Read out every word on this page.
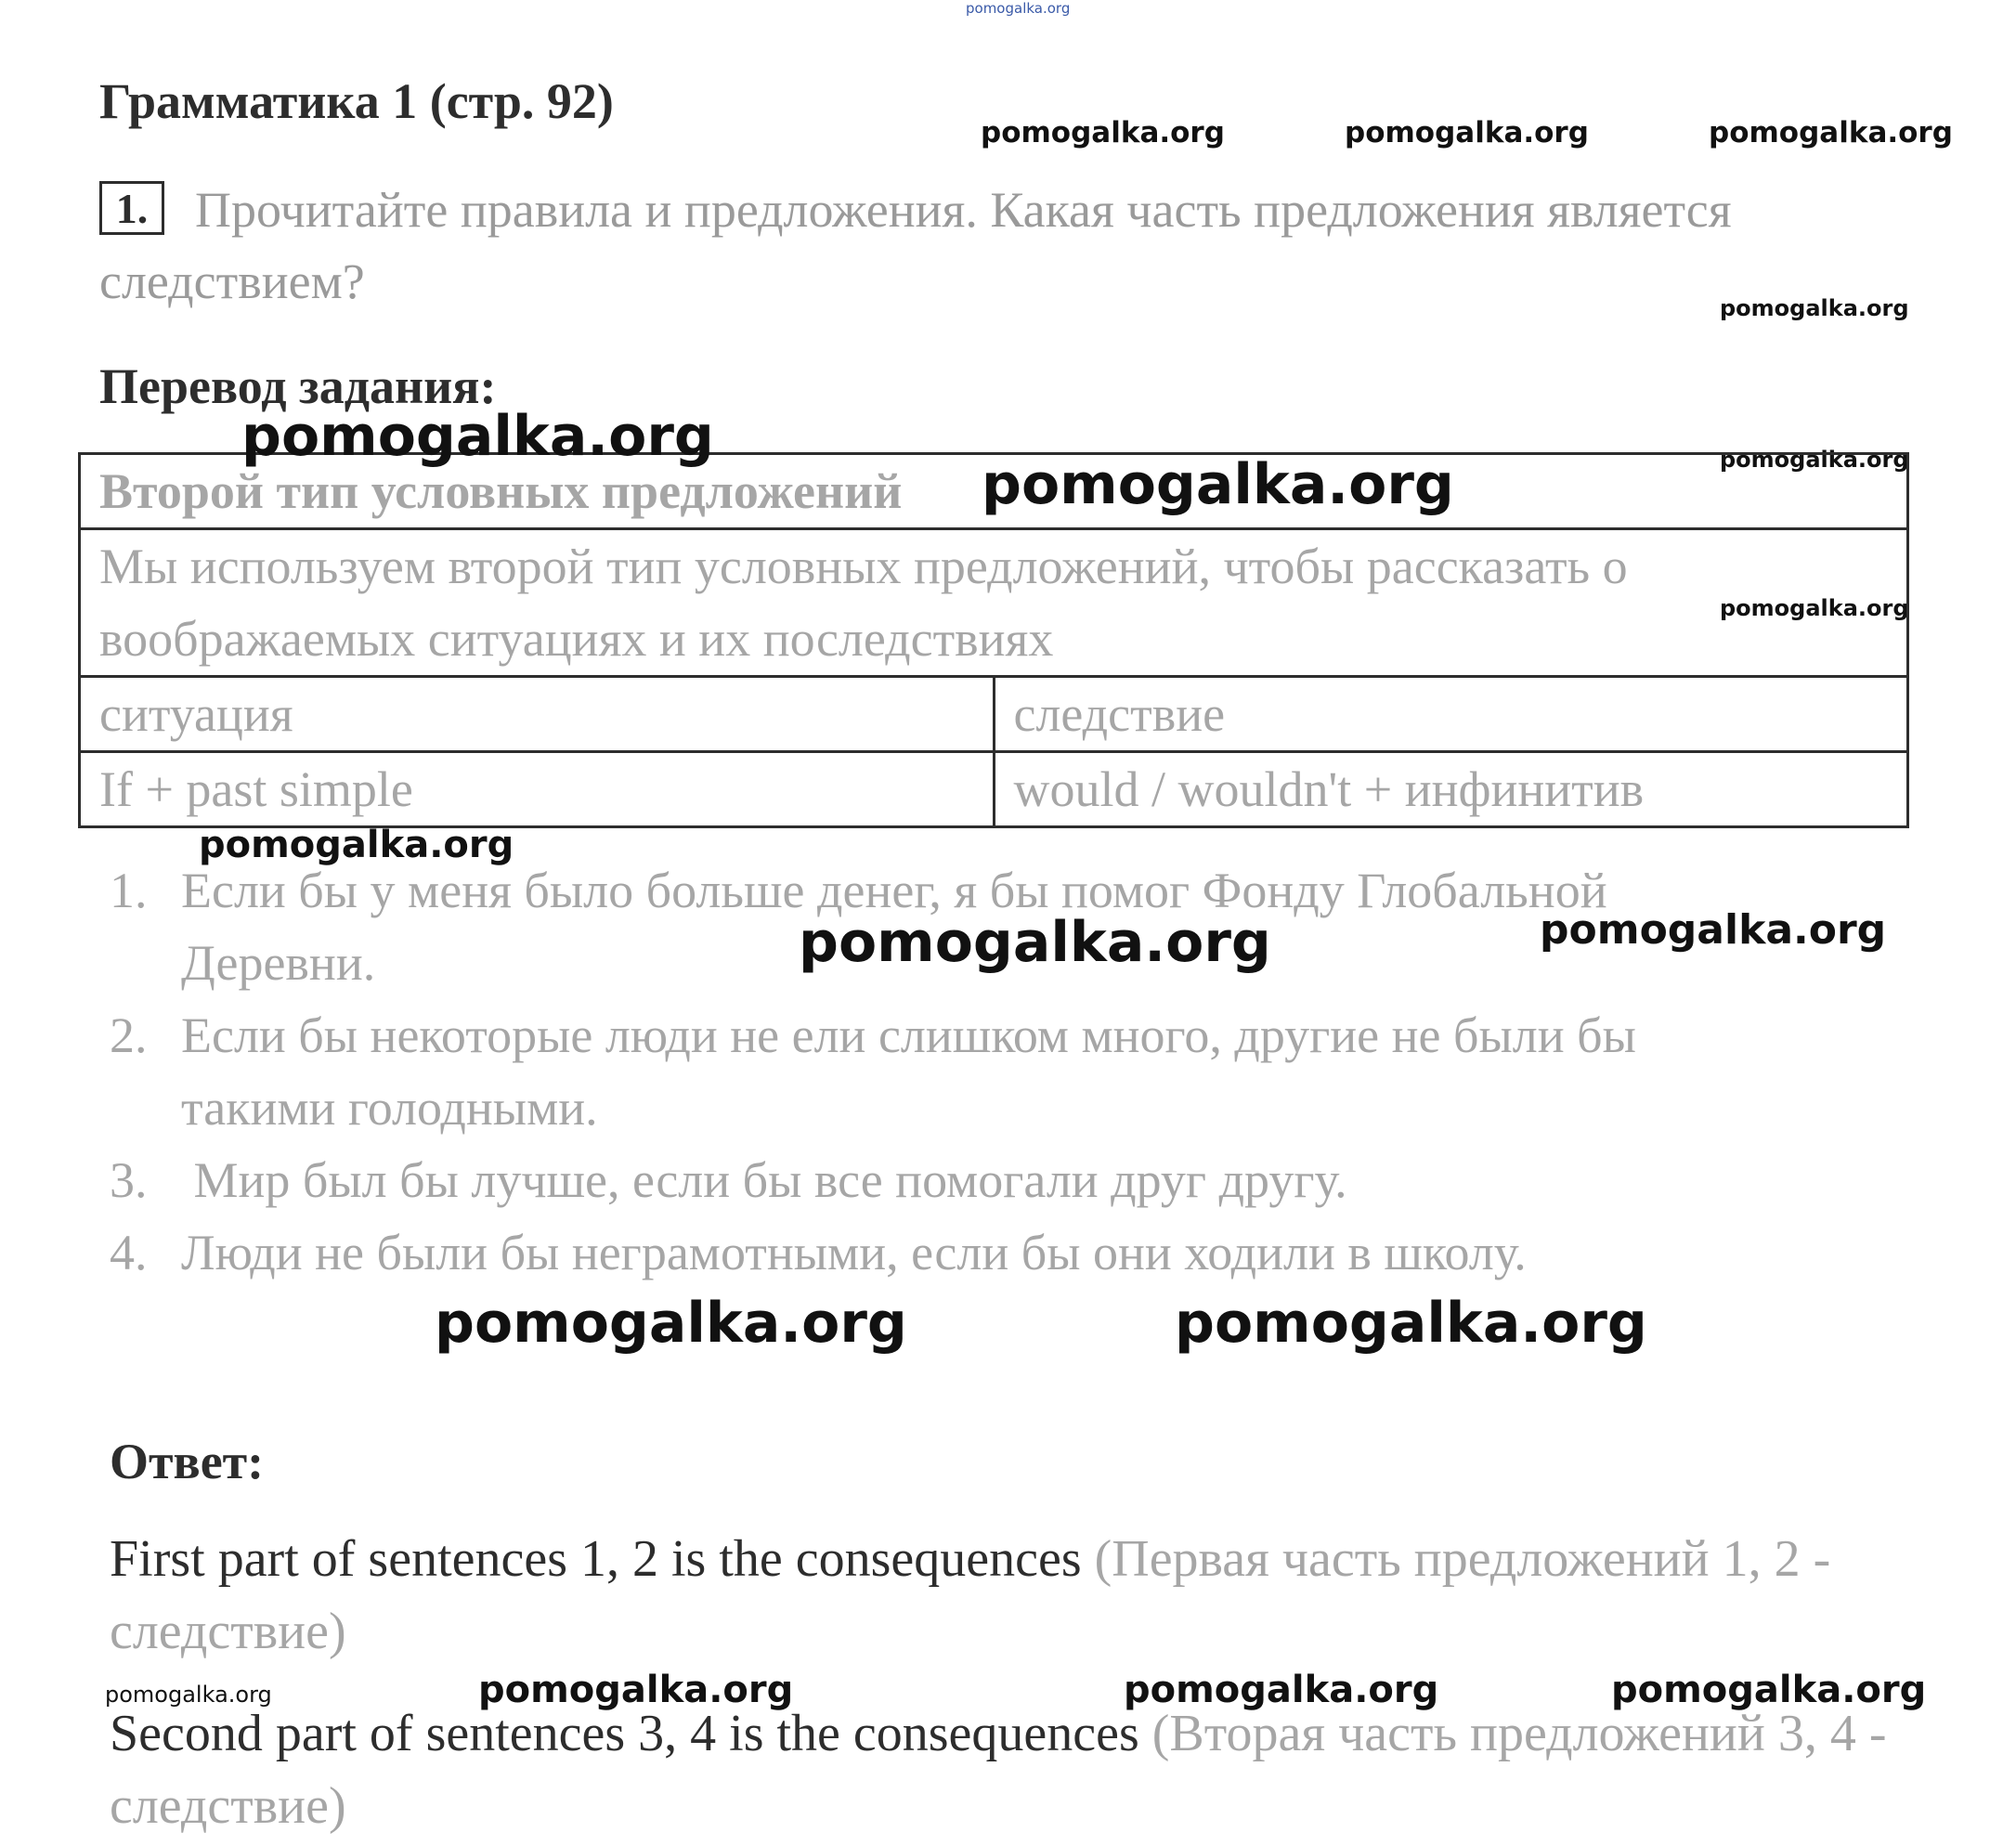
pomogalka.org
pomogalka.org	pomogalka.org	pomogalka.org
pomogalka.org
pomogalka.org
pomogalka.org
Грамматика 1 (стр. 92)
1. Прочитайте правила и предложения. Какая часть предложения является
следствием?
Перевод задания:
Второй тип условных предложений	

Мы используем второй тип условных предложений, чтобы рассказать о
воображаемых ситуациях и их последствиях	

ситуация	следствие
If + past simple	would / wouldn't + инфинитив
pomogalka.org
pomogalka.org
1. Если бы у меня было больше денег, я бы помог Фонду Глобальной
Деревни.
2. Если бы некоторые люди не ели слишком много, другие не были бы
такими голодными.
3. Мир был бы лучше, если бы все помогали друг другу.
4. Люди не были бы неграмотными, если бы они ходили в школу.
pomogalka.org
pomogalka.org	pomogalka.org
pomogalka.org	pomogalka.org
Ответ:
First part of sentences 1, 2 is the consequences (Первая часть предложений 1, 2 - следствие)
pomogalka.org	pomogalka.org	pomogalka.org	pomogalka.org
Second part of sentences 3, 4 is the consequences (Вторая часть предложений 3, 4 - следствие)
